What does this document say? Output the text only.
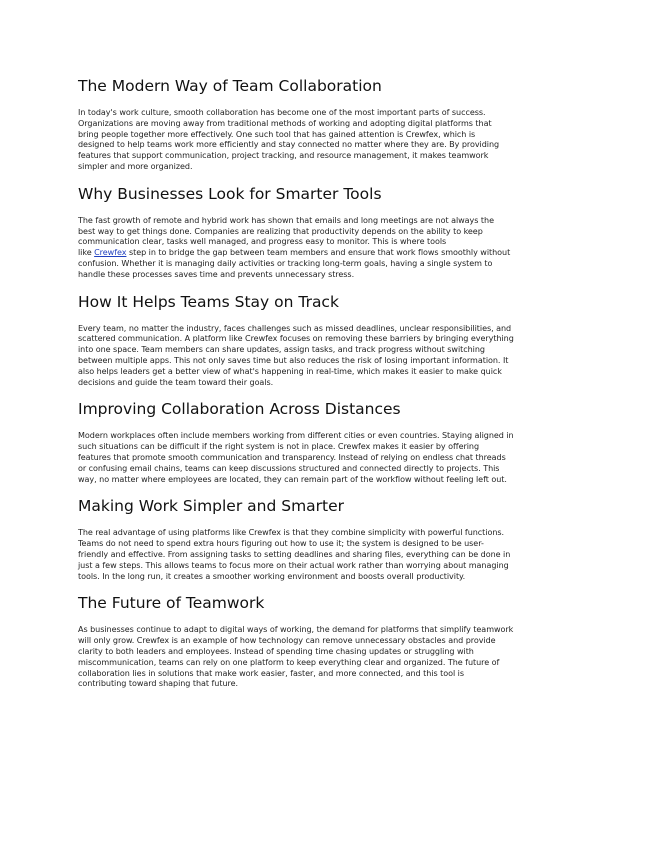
The Modern Way of Team Collaboration

In today's work culture, smooth collaboration has become one of the most important parts of success.
Organizations are moving away from traditional methods of working and adopting digital platforms that
bring people together more effectively. One such tool that has gained attention is Crewfex, which is
designed to help teams work more efficiently and stay connected no matter where they are. By providing
features that support communication, project tracking, and resource management, it makes teamwork
simpler and more organized.

Why Businesses Look for Smarter Tools

The fast growth of remote and hybrid work has shown that emails and long meetings are not always the
best way to get things done. Companies are realizing that productivity depends on the ability to keep
communication clear, tasks well managed, and progress easy to monitor. This is where tools
like Crewfex step in to bridge the gap between team members and ensure that work flows smoothly without
confusion. Whether it is managing daily activities or tracking long-term goals, having a single system to
handle these processes saves time and prevents unnecessary stress.

How It Helps Teams Stay on Track

Every team, no matter the industry, faces challenges such as missed deadlines, unclear responsibilities, and
scattered communication. A platform like Crewfex focuses on removing these barriers by bringing everything
into one space. Team members can share updates, assign tasks, and track progress without switching
between multiple apps. This not only saves time but also reduces the risk of losing important information. It
also helps leaders get a better view of what's happening in real-time, which makes it easier to make quick
decisions and guide the team toward their goals.

Improving Collaboration Across Distances

Modern workplaces often include members working from different cities or even countries. Staying aligned in
such situations can be difficult if the right system is not in place. Crewfex makes it easier by offering
features that promote smooth communication and transparency. Instead of relying on endless chat threads
or confusing email chains, teams can keep discussions structured and connected directly to projects. This
way, no matter where employees are located, they can remain part of the workflow without feeling left out.

Making Work Simpler and Smarter

The real advantage of using platforms like Crewfex is that they combine simplicity with powerful functions.
Teams do not need to spend extra hours figuring out how to use it; the system is designed to be user-
friendly and effective. From assigning tasks to setting deadlines and sharing files, everything can be done in
just a few steps. This allows teams to focus more on their actual work rather than worrying about managing
tools. In the long run, it creates a smoother working environment and boosts overall productivity.

The Future of Teamwork

As businesses continue to adapt to digital ways of working, the demand for platforms that simplify teamwork
will only grow. Crewfex is an example of how technology can remove unnecessary obstacles and provide
clarity to both leaders and employees. Instead of spending time chasing updates or struggling with
miscommunication, teams can rely on one platform to keep everything clear and organized. The future of
collaboration lies in solutions that make work easier, faster, and more connected, and this tool is
contributing toward shaping that future.
